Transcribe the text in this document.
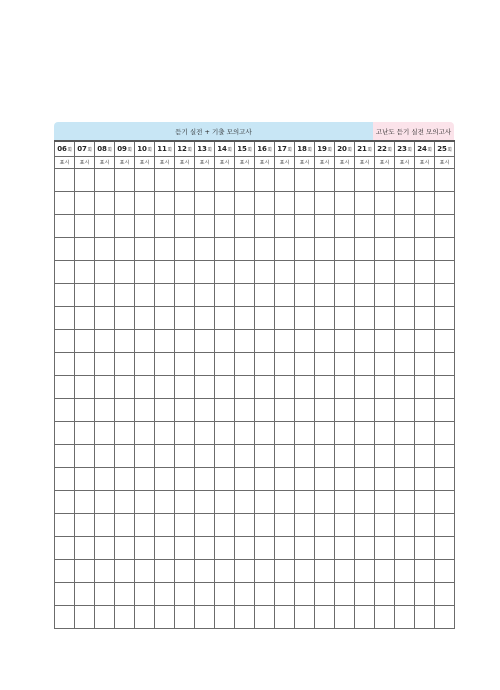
듣기 실전 + 기출 모의고사	고난도 듣기 실전 모의고사
06회	07회	08회	09회	10회	11회	12회	13회	14회	15회	16회	17회	18회	19회	20회	21회	22회	23회	24회	25회
표시	표시	표시	표시	표시	표시	표시	표시	표시	표시	표시	표시	표시	표시	표시	표시	표시	표시	표시	표시
